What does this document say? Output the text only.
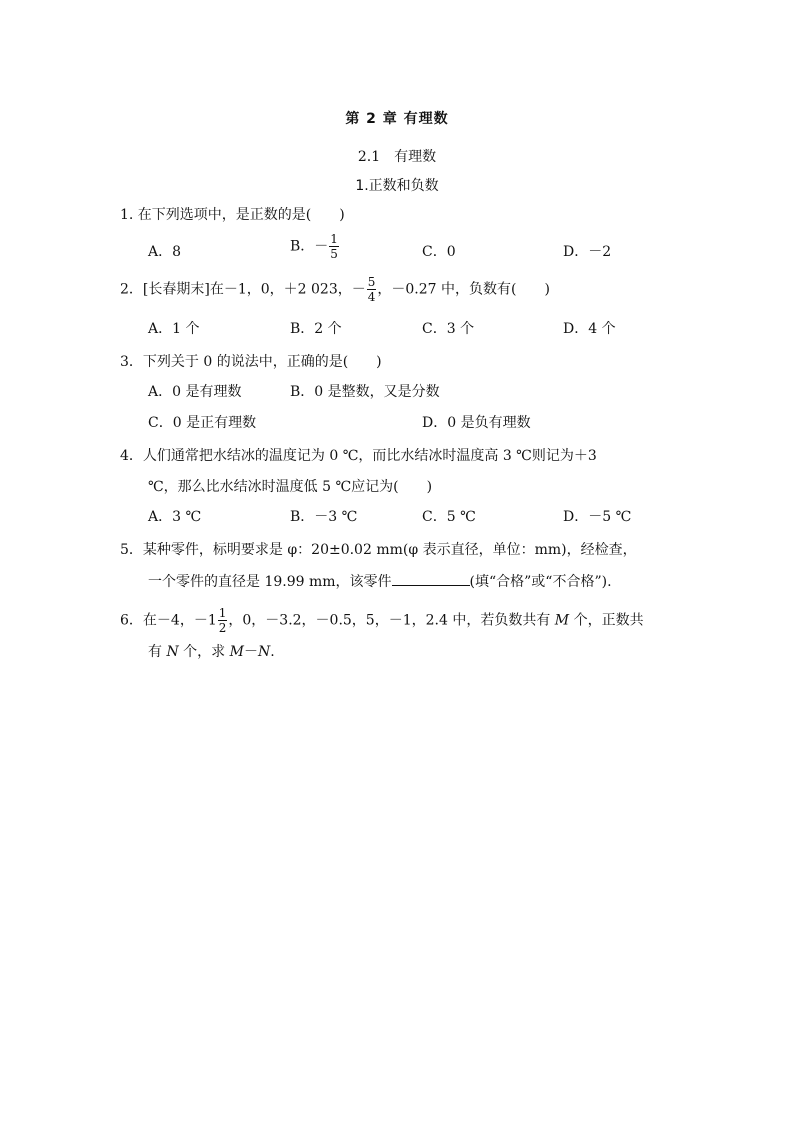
第 2 章 有理数
2.1　有理数
1.正数和负数
1. 在下列选项中，是正数的是(　　)
A．8	B．－ $\frac{1}{5}$	C．0	D．－2
2．[长春期末]在－1，0，＋2 023，－ $\frac{5}{4}$ ，－0.27 中，负数有(　　)
A．1 个	B．2 个	C．3 个	D．4 个
3．下列关于 0 的说法中，正确的是(　　)
A．0 是有理数	B．0 是整数，又是分数
C．0 是正有理数	D．0 是负有理数
4．人们通常把水结冰的温度记为 0 ℃，而比水结冰时温度高 3 ℃则记为＋3
℃，那么比水结冰时温度低 5 ℃应记为(　　)
A．3 ℃	B．－3 ℃	C．5 ℃	D．－5 ℃
5．某种零件，标明要求是 φ：20±0.02 mm(φ 表示直径，单位：mm)，经检查，
一个零件的直径是 19.99 mm，该零件	(填“合格”或“不合格”).
6．在－4，$-1 \frac{1}{2}$ ，0，－3.2，－0.5，5，－1，2.4 中，若负数共有 M 个，正数共
有 N 个，求 M－N.
